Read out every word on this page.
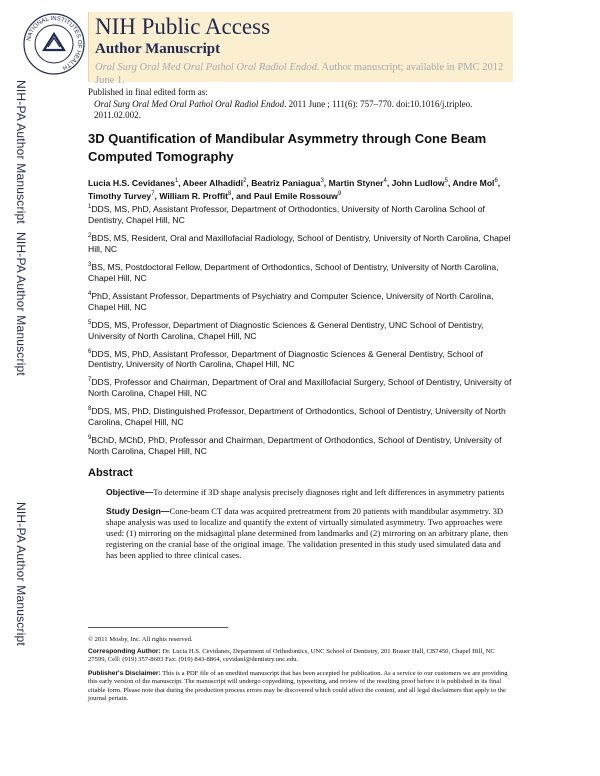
NATIONAL INSTITUTES OF HEALTH
NIH Public Access
Author Manuscript
Oral Surg Oral Med Oral Pathol Oral Radiol Endod. Author manuscript; available in PMC 2012 June 1.
NIH-PA Author Manuscript
NIH-PA Author Manuscript
NIH-PA Author Manuscript
Published in final edited form as:
Oral Surg Oral Med Oral Pathol Oral Radiol Endod. 2011 June ; 111(6): 757–770. doi:10.1016/j.tripleo. 2011.02.002.
3D Quantification of Mandibular Asymmetry through Cone Beam Computed Tomography
Lucia H.S. Cevidanes$^1$, Abeer Alhadidi$^2$, Beatriz Paniagua$^3$, Martin Styner$^4$, John Ludlow$^5$, Andre Mol$^6$, Timothy Turvey$^7$, William R. Proffit$^8$, and Paul Emile Rossouw$^9$
$^1$DDS, MS, PhD, Assistant Professor, Department of Orthodontics, University of North Carolina School of Dentistry, Chapel Hill, NC
$^2$BDS, MS, Resident, Oral and Maxillofacial Radiology, School of Dentistry, University of North Carolina, Chapel Hill, NC
$^3$BS, MS, Postdoctoral Fellow, Department of Orthodontics, School of Dentistry, University of North Carolina, Chapel Hill, NC
$^4$PhD, Assistant Professor, Departments of Psychiatry and Computer Science, University of North Carolina, Chapel Hill, NC
$^5$DDS, MS, Professor, Department of Diagnostic Sciences & General Dentistry, UNC School of Dentistry, University of North Carolina, Chapel Hill, NC
$^6$DDS, MS, PhD, Assistant Professor, Department of Diagnostic Sciences & General Dentistry, School of Dentistry, University of North Carolina, Chapel Hill, NC
$^7$DDS, Professor and Chairman, Department of Oral and Maxillofacial Surgery, School of Dentistry, University of North Carolina, Chapel Hill, NC
$^8$DDS, MS, PhD, Distinguished Professor, Department of Orthodontics, School of Dentistry, University of North Carolina, Chapel Hill, NC
$^9$BChD, MChD, PhD, Professor and Chairman, Department of Orthodontics, School of Dentistry, University of North Carolina, Chapel Hill, NC
Abstract
Objective—To determine if 3D shape analysis precisely diagnoses right and left differences in asymmetry patients
Study Design—Cone-beam CT data was acquired pretreatment from 20 patients with mandibular asymmetry. 3D shape analysis was used to localize and quantify the extent of virtually simulated asymmetry. Two approaches were used: (1) mirroring on the midsagittal plane determined from landmarks and (2) mirroring on an arbitrary plane, then registering on the cranial base of the original image. The validation presented in this study used simulated data and has been applied to three clinical cases.
© 2011 Mosby, Inc. All rights reserved.
Corresponding Author: Dr. Lucia H.S. Cevidanes, Department of Orthodontics, UNC School of Dentistry, 201 Brauer Hall, CB7450, Chapel Hill, NC 27599, Cell: (919) 357-8603 Fax: (919) 843-8864, cevidanl@dentistry.unc.edu.
Publisher's Disclaimer: This is a PDF file of an unedited manuscript that has been accepted for publication. As a service to our customers we are providing this early version of the manuscript. The manuscript will undergo copyediting, typesetting, and review of the resulting proof before it is published in its final citable form. Please note that during the production process errors may be discovered which could affect the content, and all legal disclaimers that apply to the journal pertain.
